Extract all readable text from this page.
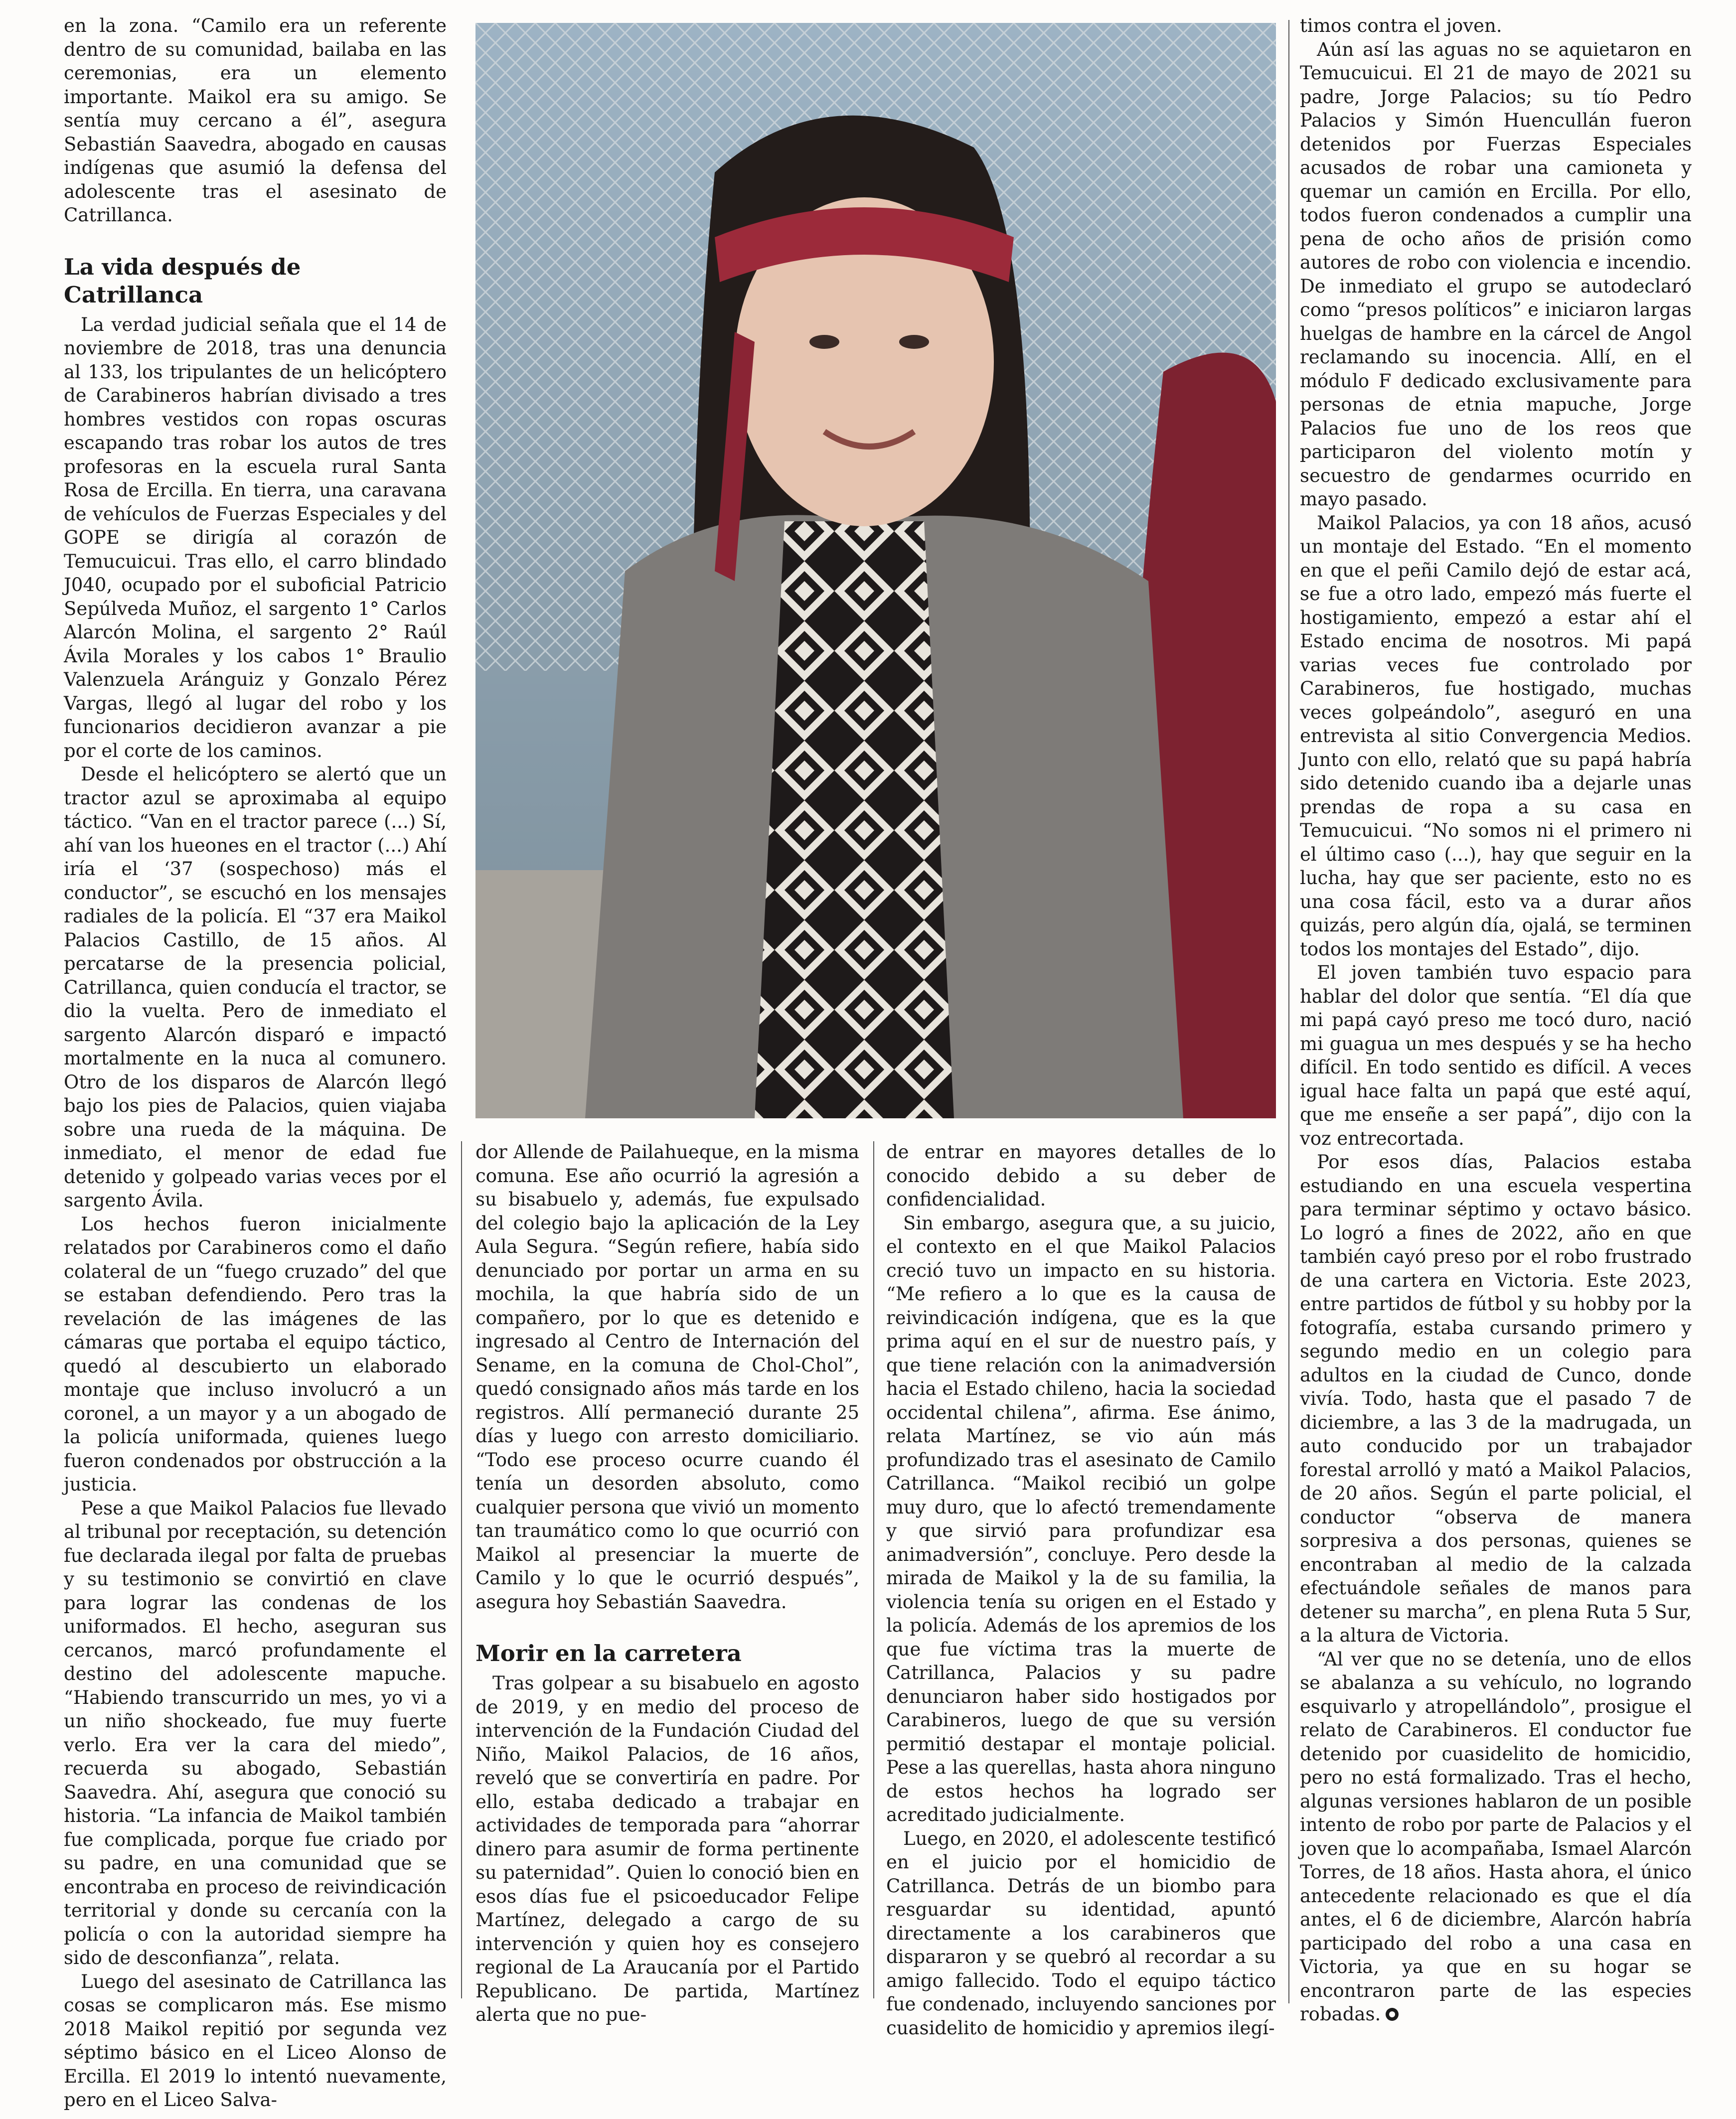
en la zona. “Camilo era un referente dentro de su comunidad, bailaba en las ceremonias, era un elemento importante. Maikol era su amigo. Se sentía muy cercano a él”, asegura Sebastián Saavedra, abogado en causas indígenas que asumió la defensa del adolescente tras el asesinato de Catrillanca.

La vida después de Catrillanca

La verdad judicial señala que el 14 de noviembre de 2018, tras una denuncia al 133, los tripulantes de un helicóptero de Carabineros habrían divisado a tres hombres vestidos con ropas oscuras escapando tras robar los autos de tres profesoras en la escuela rural Santa Rosa de Ercilla. En tierra, una caravana de vehículos de Fuerzas Especiales y del GOPE se dirigía al corazón de Temucuicui. Tras ello, el carro blindado J040, ocupado por el suboficial Patricio Sepúlveda Muñoz, el sargento 1° Carlos Alarcón Molina, el sargento 2° Raúl Ávila Morales y los cabos 1° Braulio Valenzuela Aránguiz y Gonzalo Pérez Vargas, llegó al lugar del robo y los funcionarios decidieron avanzar a pie por el corte de los caminos.

Desde el helicóptero se alertó que un tractor azul se aproximaba al equipo táctico. “Van en el tractor parece (...) Sí, ahí van los hueones en el tractor (...) Ahí iría el ‘37 (sospechoso) más el conductor”, se escuchó en los mensajes radiales de la policía. El “37 era Maikol Palacios Castillo, de 15 años. Al percatarse de la presencia policial, Catrillanca, quien conducía el tractor, se dio la vuelta. Pero de inmediato el sargento Alarcón disparó e impactó mortalmente en la nuca al comunero. Otro de los disparos de Alarcón llegó bajo los pies de Palacios, quien viajaba sobre una rueda de la máquina. De inmediato, el menor de edad fue detenido y golpeado varias veces por el sargento Ávila.

Los hechos fueron inicialmente relatados por Carabineros como el daño colateral de un “fuego cruzado” del que se estaban defendiendo. Pero tras la revelación de las imágenes de las cámaras que portaba el equipo táctico, quedó al descubierto un elaborado montaje que incluso involucró a un coronel, a un mayor y a un abogado de la policía uniformada, quienes luego fueron condenados por obstrucción a la justicia.

Pese a que Maikol Palacios fue llevado al tribunal por receptación, su detención fue declarada ilegal por falta de pruebas y su testimonio se convirtió en clave para lograr las condenas de los uniformados. El hecho, aseguran sus cercanos, marcó profundamente el destino del adolescente mapuche. “Habiendo transcurrido un mes, yo vi a un niño shockeado, fue muy fuerte verlo. Era ver la cara del miedo”, recuerda su abogado, Sebastián Saavedra. Ahí, asegura que conoció su historia. “La infancia de Maikol también fue complicada, porque fue criado por su padre, en una comunidad que se encontraba en proceso de reivindicación territorial y donde su cercanía con la policía o con la autoridad siempre ha sido de desconfianza”, relata.

Luego del asesinato de Catrillanca las cosas se complicaron más. Ese mismo 2018 Maikol repitió por segunda vez séptimo básico en el Liceo Alonso de Ercilla. El 2019 lo intentó nuevamente, pero en el Liceo Salva-

dor Allende de Pailahueque, en la misma comuna. Ese año ocurrió la agresión a su bisabuelo y, además, fue expulsado del colegio bajo la aplicación de la Ley Aula Segura. “Según refiere, había sido denunciado por portar un arma en su mochila, la que habría sido de un compañero, por lo que es detenido e ingresado al Centro de Internación del Sename, en la comuna de Chol-Chol”, quedó consignado años más tarde en los registros. Allí permaneció durante 25 días y luego con arresto domiciliario. “Todo ese proceso ocurre cuando él tenía un desorden absoluto, como cualquier persona que vivió un momento tan traumático como lo que ocurrió con Maikol al presenciar la muerte de Camilo y lo que le ocurrió después”, asegura hoy Sebastián Saavedra.

Morir en la carretera

Tras golpear a su bisabuelo en agosto de 2019, y en medio del proceso de intervención de la Fundación Ciudad del Niño, Maikol Palacios, de 16 años, reveló que se convertiría en padre. Por ello, estaba dedicado a trabajar en actividades de temporada para “ahorrar dinero para asumir de forma pertinente su paternidad”. Quien lo conoció bien en esos días fue el psicoeducador Felipe Martínez, delegado a cargo de su intervención y quien hoy es consejero regional de La Araucanía por el Partido Republicano. De partida, Martínez alerta que no pue-

de entrar en mayores detalles de lo conocido debido a su deber de confidencialidad.

Sin embargo, asegura que, a su juicio, el contexto en el que Maikol Palacios creció tuvo un impacto en su historia. “Me refiero a lo que es la causa de reivindicación indígena, que es la que prima aquí en el sur de nuestro país, y que tiene relación con la animadversión hacia el Estado chileno, hacia la sociedad occidental chilena”, afirma. Ese ánimo, relata Martínez, se vio aún más profundizado tras el asesinato de Camilo Catrillanca. “Maikol recibió un golpe muy duro, que lo afectó tremendamente y que sirvió para profundizar esa animadversión”, concluye. Pero desde la mirada de Maikol y la de su familia, la violencia tenía su origen en el Estado y la policía. Además de los apremios de los que fue víctima tras la muerte de Catrillanca, Palacios y su padre denunciaron haber sido hostigados por Carabineros, luego de que su versión permitió destapar el montaje policial. Pese a las querellas, hasta ahora ninguno de estos hechos ha logrado ser acreditado judicialmente.

Luego, en 2020, el adolescente testificó en el juicio por el homicidio de Catrillanca. Detrás de un biombo para resguardar su identidad, apuntó directamente a los carabineros que dispararon y se quebró al recordar a su amigo fallecido. Todo el equipo táctico fue condenado, incluyendo sanciones por cuasidelito de homicidio y apremios ilegí-

timos contra el joven.

Aún así las aguas no se aquietaron en Temucuicui. El 21 de mayo de 2021 su padre, Jorge Palacios; su tío Pedro Palacios y Simón Huencullán fueron detenidos por Fuerzas Especiales acusados de robar una camioneta y quemar un camión en Ercilla. Por ello, todos fueron condenados a cumplir una pena de ocho años de prisión como autores de robo con violencia e incendio. De inmediato el grupo se autodeclaró como “presos políticos” e iniciaron largas huelgas de hambre en la cárcel de Angol reclamando su inocencia. Allí, en el módulo F dedicado exclusivamente para personas de etnia mapuche, Jorge Palacios fue uno de los reos que participaron del violento motín y secuestro de gendarmes ocurrido en mayo pasado.

Maikol Palacios, ya con 18 años, acusó un montaje del Estado. “En el momento en que el peñi Camilo dejó de estar acá, se fue a otro lado, empezó más fuerte el hostigamiento, empezó a estar ahí el Estado encima de nosotros. Mi papá varias veces fue controlado por Carabineros, fue hostigado, muchas veces golpeándolo”, aseguró en una entrevista al sitio Convergencia Medios. Junto con ello, relató que su papá habría sido detenido cuando iba a dejarle unas prendas de ropa a su casa en Temucuicui. “No somos ni el primero ni el último caso (...), hay que seguir en la lucha, hay que ser paciente, esto no es una cosa fácil, esto va a durar años quizás, pero algún día, ojalá, se terminen todos los montajes del Estado”, dijo.

El joven también tuvo espacio para hablar del dolor que sentía. “El día que mi papá cayó preso me tocó duro, nació mi guagua un mes después y se ha hecho difícil. En todo sentido es difícil. A veces igual hace falta un papá que esté aquí, que me enseñe a ser papá”, dijo con la voz entrecortada.

Por esos días, Palacios estaba estudiando en una escuela vespertina para terminar séptimo y octavo básico. Lo logró a fines de 2022, año en que también cayó preso por el robo frustrado de una cartera en Victoria. Este 2023, entre partidos de fútbol y su hobby por la fotografía, estaba cursando primero y segundo medio en un colegio para adultos en la ciudad de Cunco, donde vivía. Todo, hasta que el pasado 7 de diciembre, a las 3 de la madrugada, un auto conducido por un trabajador forestal arrolló y mató a Maikol Palacios, de 20 años. Según el parte policial, el conductor “observa de manera sorpresiva a dos personas, quienes se encontraban al medio de la calzada efectuándole señales de manos para detener su marcha”, en plena Ruta 5 Sur, a la altura de Victoria.

“Al ver que no se detenía, uno de ellos se abalanza a su vehículo, no logrando esquivarlo y atropellándolo”, prosigue el relato de Carabineros. El conductor fue detenido por cuasidelito de homicidio, pero no está formalizado. Tras el hecho, algunas versiones hablaron de un posible intento de robo por parte de Palacios y el joven que lo acompañaba, Ismael Alarcón Torres, de 18 años. Hasta ahora, el único antecedente relacionado es que el día antes, el 6 de diciembre, Alarcón habría participado del robo a una casa en Victoria, ya que en su hogar se encontraron parte de las especies robadas.
